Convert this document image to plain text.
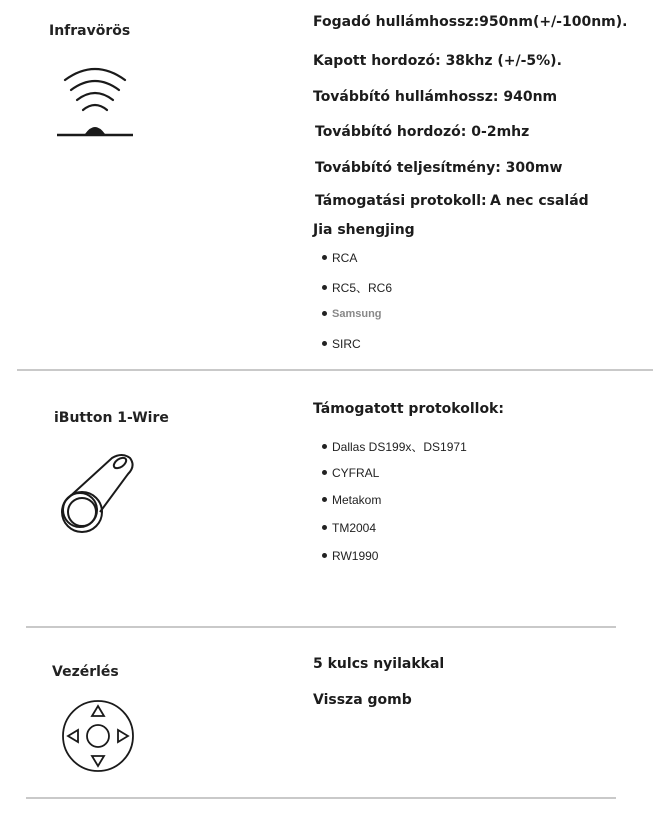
Infravörös
Fogadó hullámhossz:950nm(+/-100nm).
Kapott hordozó: 38khz (+/-5%).
Továbbító hullámhossz: 940nm
Továbbító hordozó: 0-2mhz
Továbbító teljesítmény: 300mw
Támogatási protokoll: A nec család
Jia shengjing
RCA
RC5、RC6
Samsung
SIRC
iButton 1-Wire
Támogatott protokollok:
Dallas DS199x、DS1971
CYFRAL
Metakom
TM2004
RW1990
Vezérlés	5 kulcs nyilakkal
Vissza gomb
